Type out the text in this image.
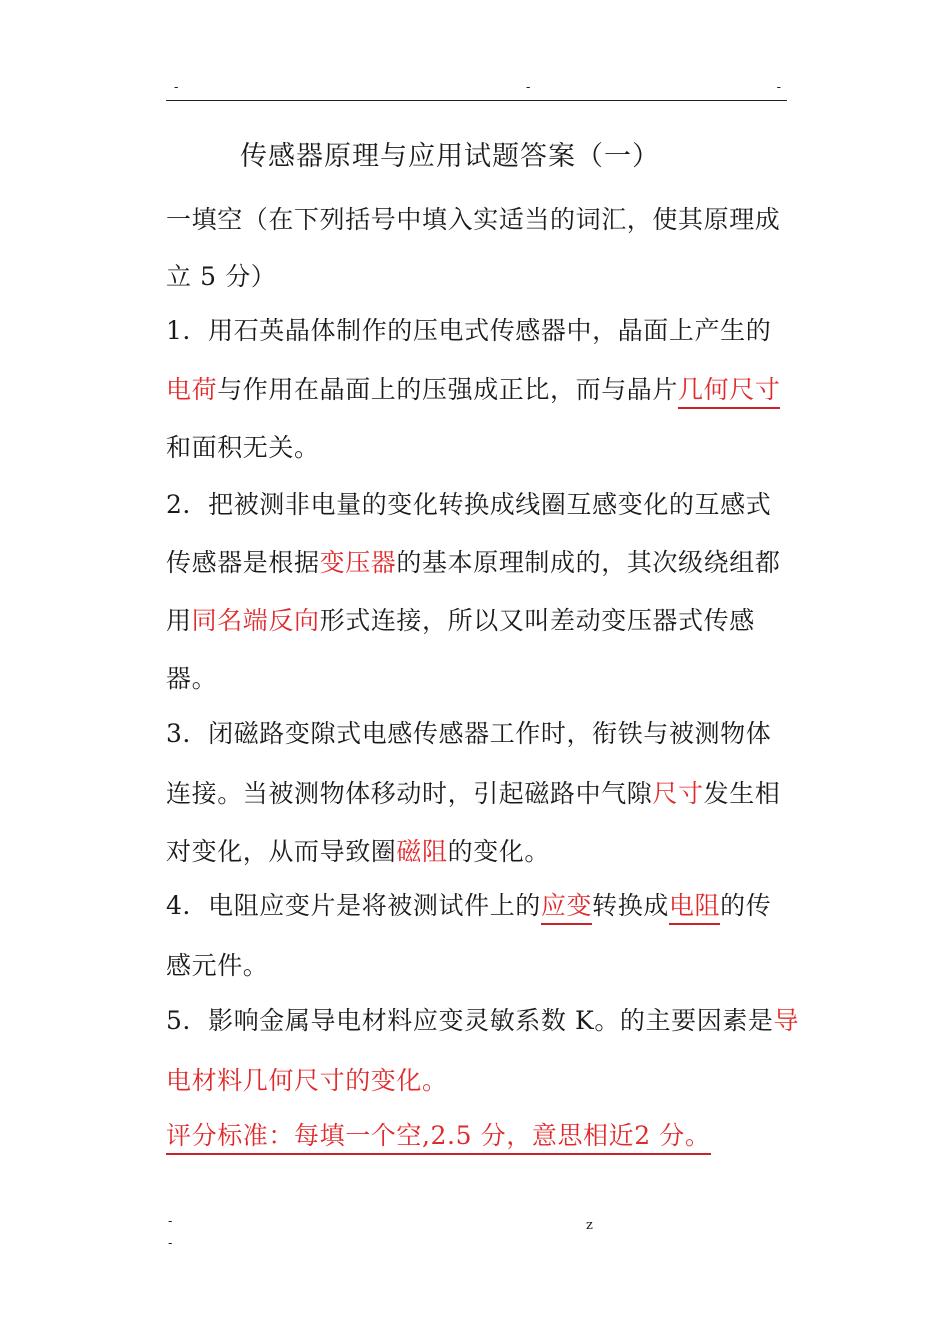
-	-	-
传感器原理与应用试题答案（一）
一填空（在下列括号中填入实适当的词汇，使其原理成
立 5 分）
1．用石英晶体制作的压电式传感器中，晶面上产生的
电荷与作用在晶面上的压强成正比，而与晶片几何尺寸
和面积无关。
2．把被测非电量的变化转换成线圈互感变化的互感式
传感器是根据变压器的基本原理制成的，其次级绕组都
用同名端反向形式连接，所以又叫差动变压器式传感
器。
3．闭磁路变隙式电感传感器工作时，衔铁与被测物体
连接。当被测物体移动时，引起磁路中气隙尺寸发生相
对变化，从而导致圈磁阻的变化。
4．电阻应变片是将被测试件上的应变转换成电阻的传
感元件。
5．影响金属导电材料应变灵敏系数 K。的主要因素是导
电材料几何尺寸的变化。
评分标准：每填一个空,2.5 分，意思相近2 分。
-
-
z
